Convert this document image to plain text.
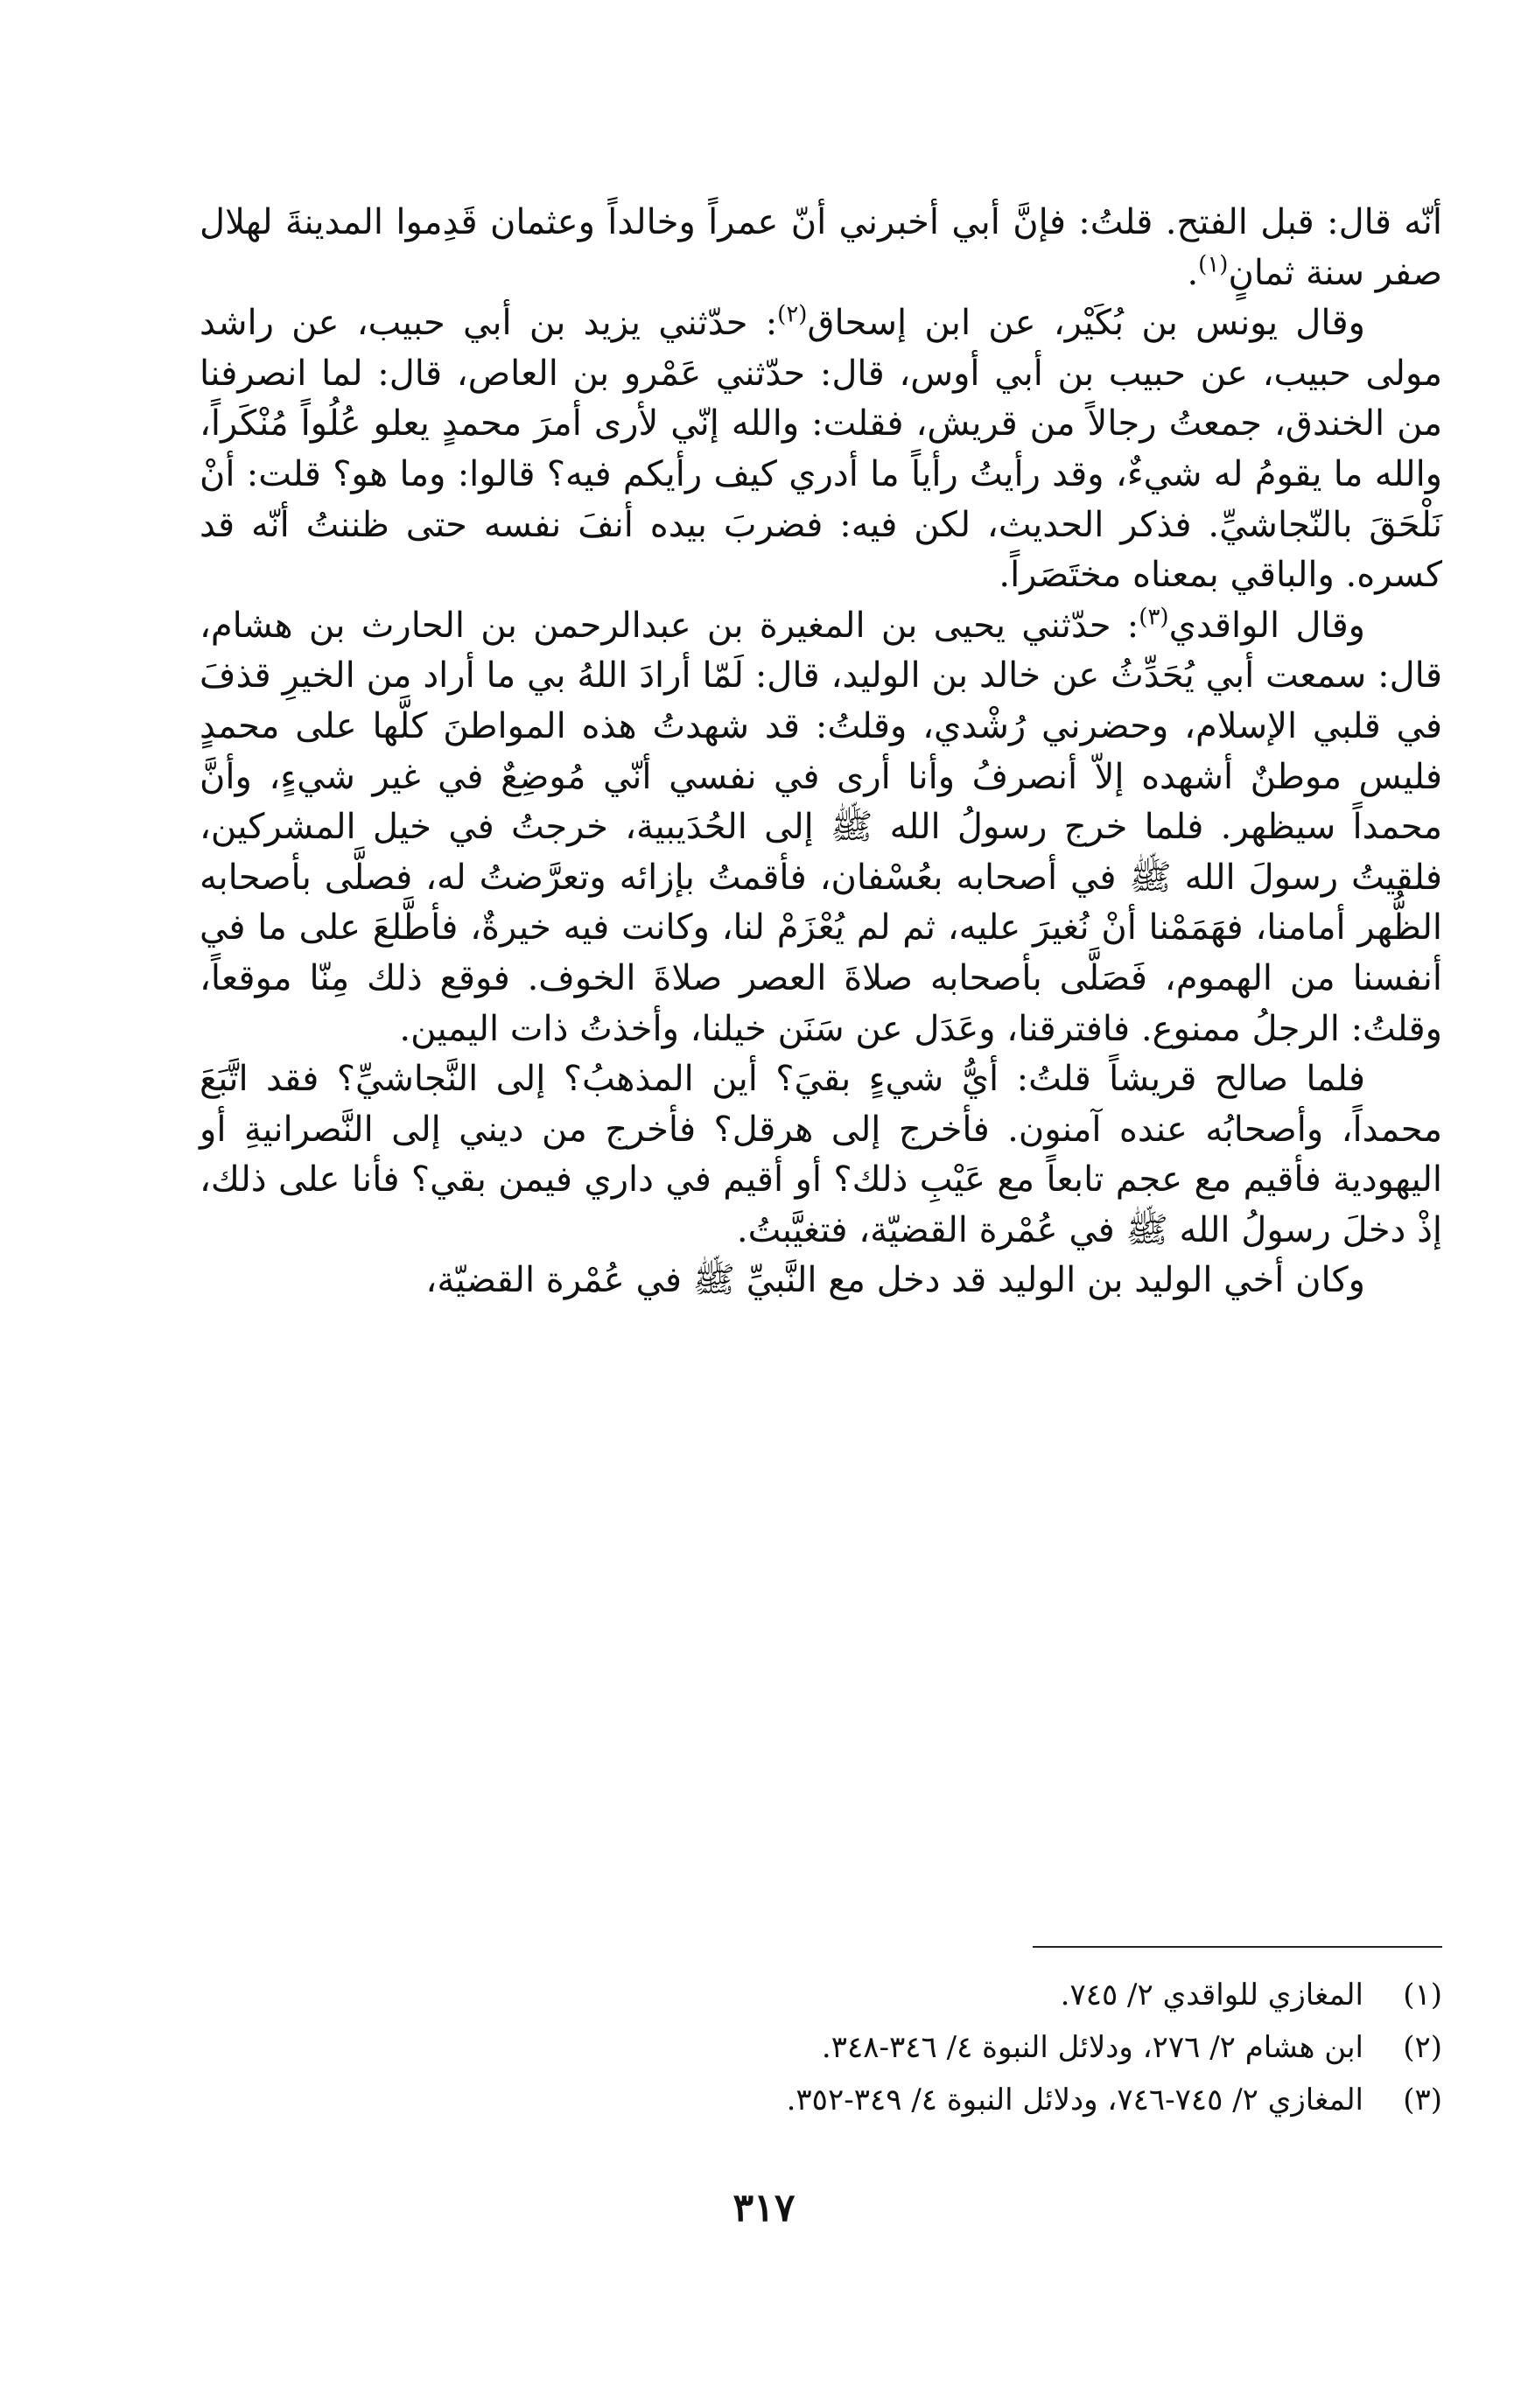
أنّه قال: قبل الفتح. قلتُ: فإنَّ أبي أخبرني أنّ عمراً وخالداً وعثمان قَدِموا المدينةَ لهلال صفر سنة ثمانٍ$^{(١)}$.

وقال يونس بن بُكَيْر، عن ابن إسحاق$^{(٢)}$: حدّثني يزيد بن أبي حبيب، عن راشد مولى حبيب، عن حبيب بن أبي أوس، قال: حدّثني عَمْرو بن العاص، قال: لما انصرفنا من الخندق، جمعتُ رجالاً من قريش، فقلت: والله إنّي لأرى أمرَ محمدٍ يعلو عُلُواً مُنْكَراً، والله ما يقومُ له شيءٌ، وقد رأيتُ رأياً ما أدري كيف رأيكم فيه؟ قالوا: وما هو؟ قلت: أنْ نَلْحَقَ بالنّجاشيِّ. فذكر الحديث، لكن فيه: فضربَ بيده أنفَ نفسه حتى ظننتُ أنّه قد كسره. والباقي بمعناه مختَصَراً.

وقال الواقدي$^{(٣)}$: حدّثني يحيى بن المغيرة بن عبدالرحمن بن الحارث بن هشام، قال: سمعت أبي يُحَدِّثُ عن خالد بن الوليد، قال: لَمّا أرادَ اللهُ بي ما أراد من الخيرِ قذفَ في قلبي الإسلام، وحضرني رُشْدي، وقلتُ: قد شهدتُ هذه المواطنَ كلَّها على محمدٍ فليس موطنٌ أشهده إلاّ أنصرفُ وأنا أرى في نفسي أنّي مُوضِعٌ في غير شيءٍ، وأنَّ محمداً سيظهر. فلما خرج رسولُ الله ﷺ إلى الحُدَيبية، خرجتُ في خيل المشركين، فلقيتُ رسولَ الله ﷺ في أصحابه بعُسْفان، فأقمتُ بإزائه وتعرَّضتُ له، فصلَّى بأصحابه الظُّهر أمامنا، فهَمَمْنا أنْ نُغيرَ عليه، ثم لم يُعْزَمْ لنا، وكانت فيه خيرةٌ، فأطَّلعَ على ما في أنفسنا من الهموم، فَصَلَّى بأصحابه صلاةَ العصر صلاةَ الخوف. فوقع ذلك مِنّا موقعاً، وقلتُ: الرجلُ ممنوع. فافترقنا، وعَدَل عن سَنَن خيلنا، وأخذتُ ذات اليمين.

فلما صالح قريشاً قلتُ: أيُّ شيءٍ بقيَ؟ أين المذهبُ؟ إلى النَّجاشيِّ؟ فقد اتَّبَعَ محمداً، وأصحابُه عنده آمنون. فأخرج إلى هرقل؟ فأخرج من ديني إلى النَّصرانيةِ أو اليهودية فأقيم مع عجم تابعاً مع عَيْبِ ذلك؟ أو أقيم في داري فيمن بقي؟ فأنا على ذلك، إذْ دخلَ رسولُ الله ﷺ في عُمْرة القضيّة، فتغيَّبتُ.

وكان أخي الوليد بن الوليد قد دخل مع النَّبيِّ ﷺ في عُمْرة القضيّة،

(١)
المغازي للواقدي ٢/ ٧٤٥.
(٢)
ابن هشام ٢/ ٢٧٦، ودلائل النبوة ٤/ ٣٤٦-٣٤٨.
(٣)
المغازي ٢/ ٧٤٥-٧٤٦، ودلائل النبوة ٤/ ٣٤٩-٣٥٢.
٣١٧
